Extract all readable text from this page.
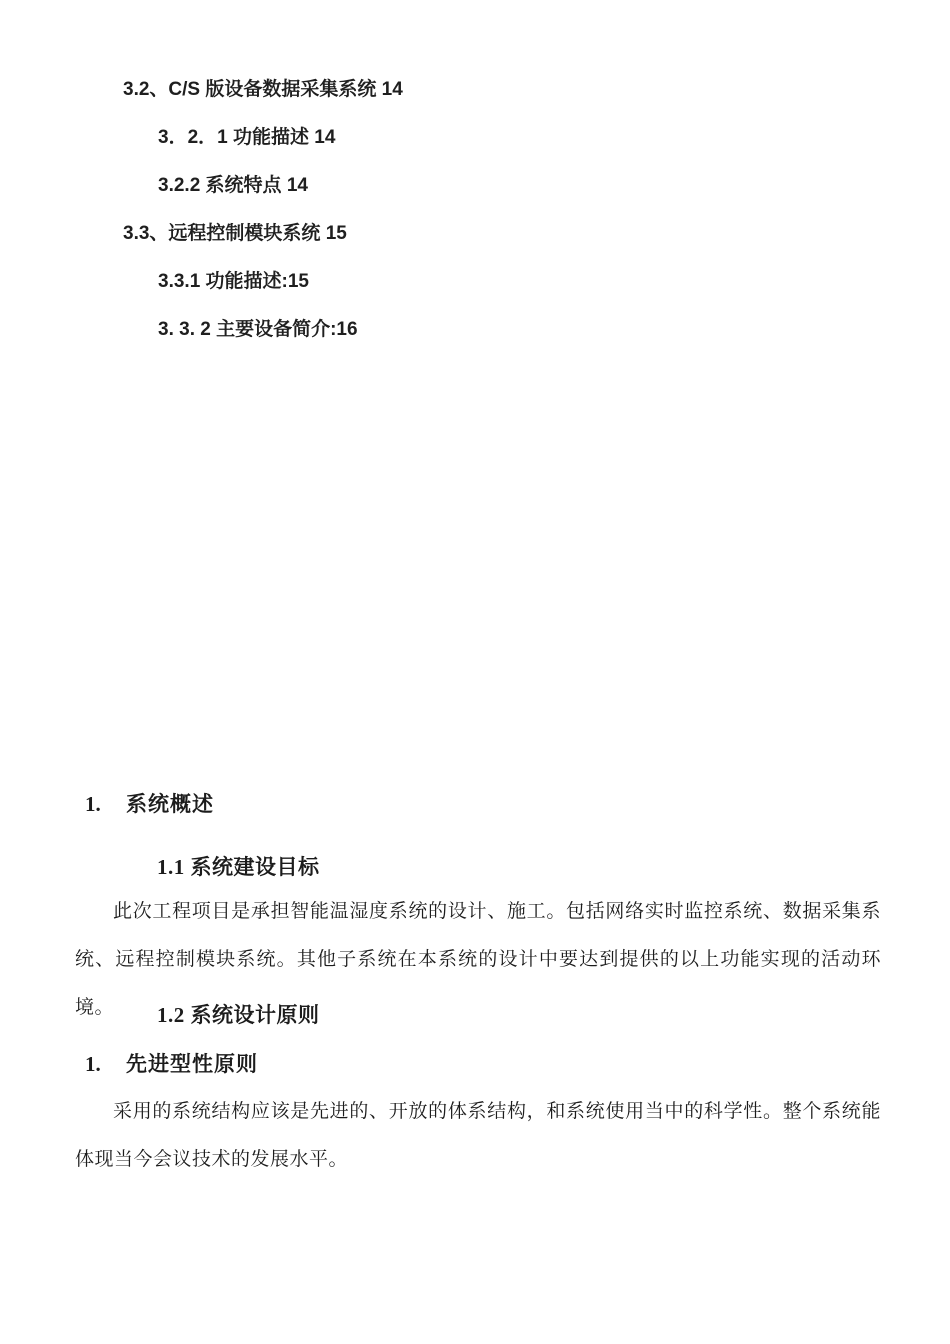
3.2、C/S 版设备数据采集系统 14
3．2．1 功能描述 14
3.2.2 系统特点 14
3.3、远程控制模块系统 15
3.3.1 功能描述:15
3. 3. 2 主要设备简介:16
1. 系统概述
1.1 系统建设目标

此次工程项目是承担智能温湿度系统的设计、施工。包括网络实时监控系统、数据采集系统、远程控制模块系统。其他子系统在本系统的设计中要达到提供的以上功能实现的活动环境。	1.2 系统设计原则
1. 先进型性原则

采用的系统结构应该是先进的、开放的体系结构，和系统使用当中的科学性。整个系统能体现当今会议技术的发展水平。
